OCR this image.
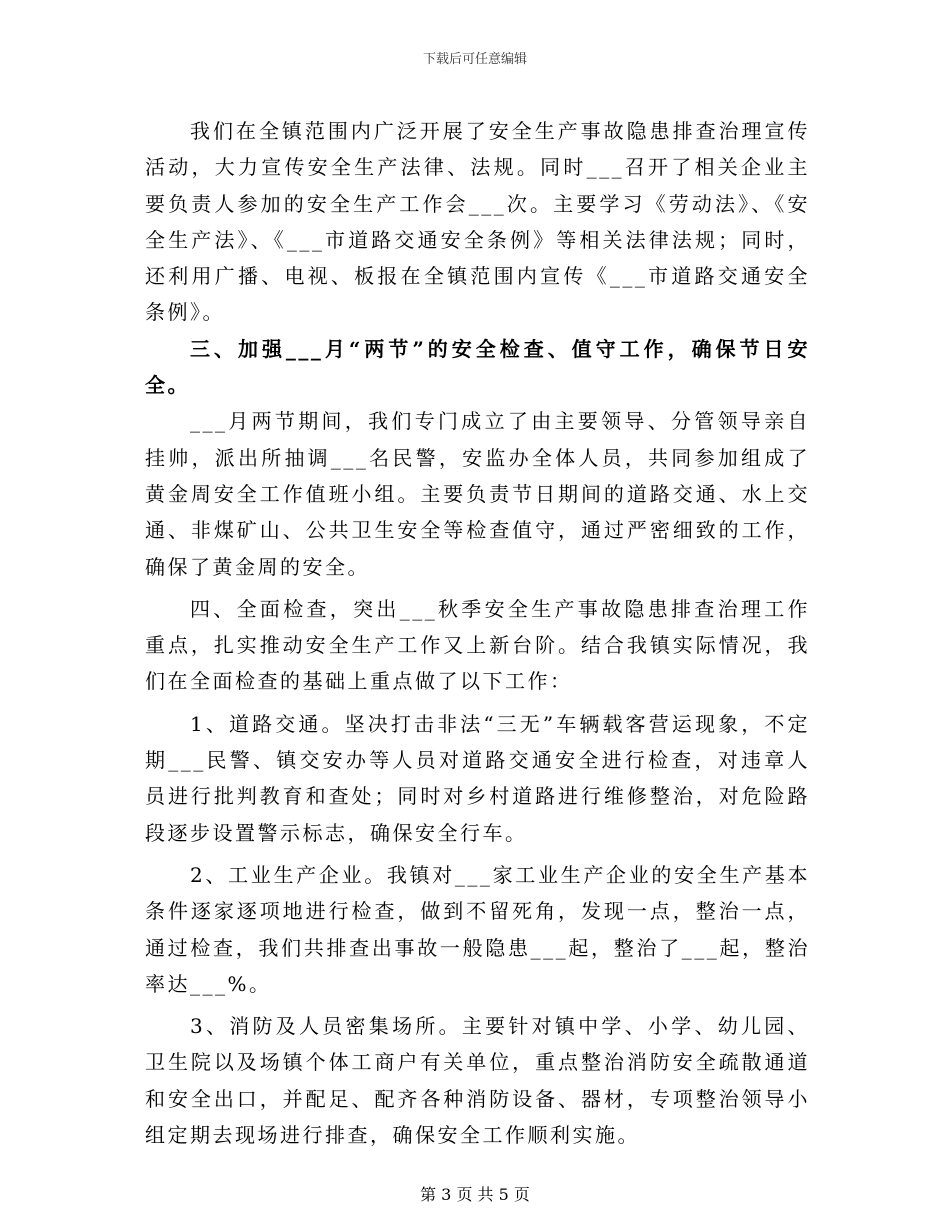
下载后可任意编辑

我们在全镇范围内广泛开展了安全生产事故隐患排查治理宣传活动，大力宣传安全生产法律、法规。同时___召开了相关企业主要负责人参加的安全生产工作会___次。主要学习《劳动法》、《安全生产法》、《___市道路交通安全条例》等相关法律法规；同时，还利用广播、电视、板报在全镇范围内宣传《___市道路交通安全条例》。

三、加强___月“两节”的安全检查、值守工作，确保节日安全。

___月两节期间，我们专门成立了由主要领导、分管领导亲自挂帅，派出所抽调___名民警，安监办全体人员，共同参加组成了黄金周安全工作值班小组。主要负责节日期间的道路交通、水上交通、非煤矿山、公共卫生安全等检查值守，通过严密细致的工作，确保了黄金周的安全。

四、全面检查，突出___秋季安全生产事故隐患排查治理工作重点，扎实推动安全生产工作又上新台阶。结合我镇实际情况，我们在全面检查的基础上重点做了以下工作：

1、道路交通。坚决打击非法“三无”车辆载客营运现象，不定期___民警、镇交安办等人员对道路交通安全进行检查，对违章人员进行批判教育和查处；同时对乡村道路进行维修整治，对危险路段逐步设置警示标志，确保安全行车。

2、工业生产企业。我镇对___家工业生产企业的安全生产基本条件逐家逐项地进行检查，做到不留死角，发现一点，整治一点，通过检查，我们共排查出事故一般隐患___起，整治了___起，整治率达___%。

3、消防及人员密集场所。主要针对镇中学、小学、幼儿园、卫生院以及场镇个体工商户有关单位，重点整治消防安全疏散通道和安全出口，并配足、配齐各种消防设备、器材，专项整治领导小组定期去现场进行排查，确保安全工作顺利实施。

第 3 页 共 5 页
